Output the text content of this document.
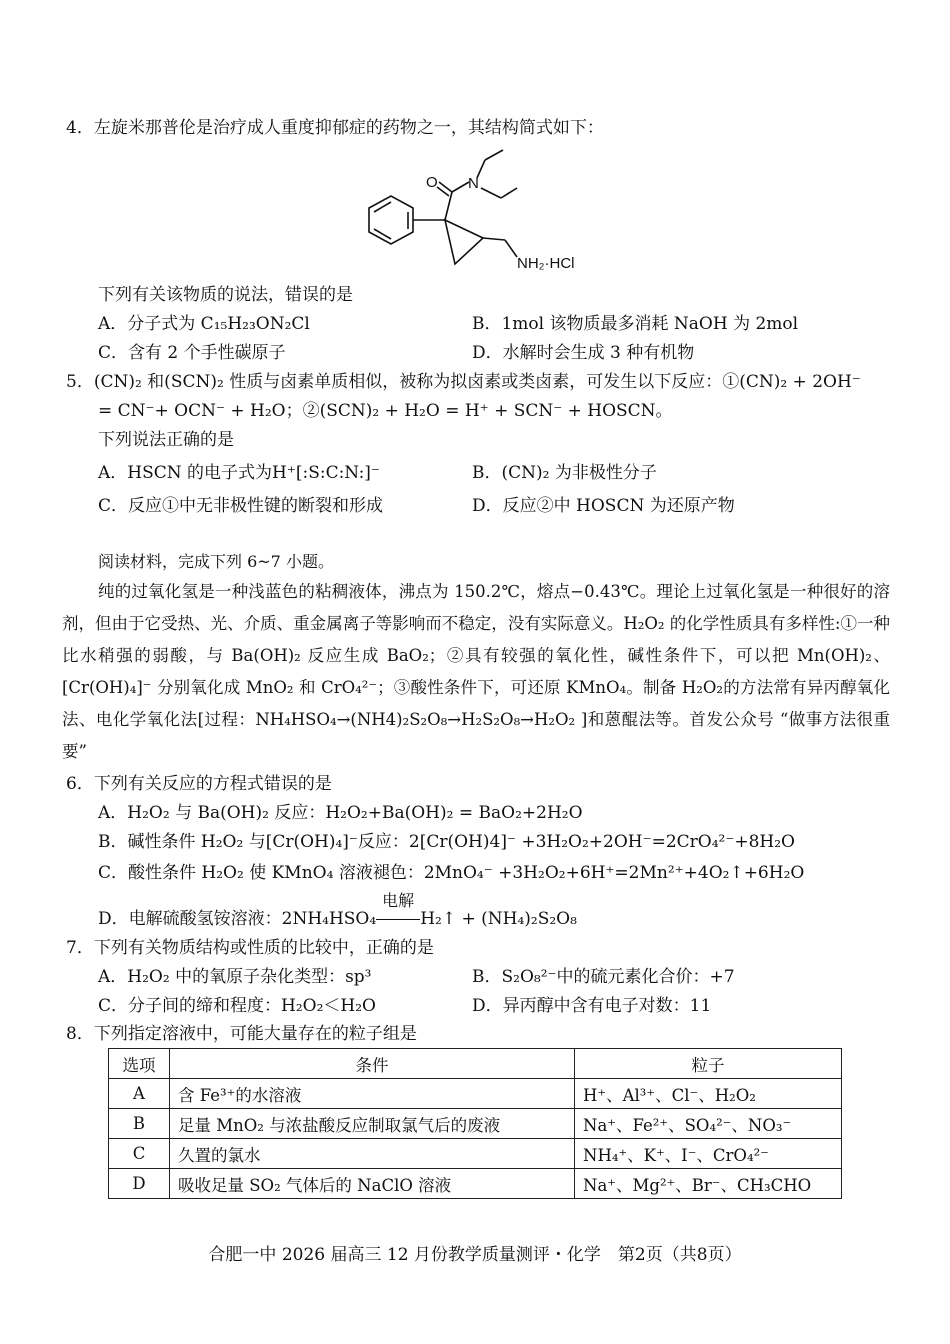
4．左旋米那普伦是治疗成人重度抑郁症的药物之一，其结构简式如下：
O N
NH₂·HCl
下列有关该物质的说法，错误的是
A．分子式为 C₁₅H₂₃ON₂Cl	B．1mol 该物质最多消耗 NaOH 为 2mol
C．含有 2 个手性碳原子	D．水解时会生成 3 种有机物
5．(CN)₂ 和(SCN)₂ 性质与卤素单质相似，被称为拟卤素或类卤素，可发生以下反应：①(CN)₂ + 2OH⁻
= CN⁻+ OCN⁻ + H₂O；②(SCN)₂ + H₂O = H⁺ + SCN⁻ + HOSCN。
下列说法正确的是
A．HSCN 的电子式为H⁺[:S:C:N:]⁻	B．(CN)₂ 为非极性分子
C．反应①中无非极性键的断裂和形成	D．反应②中 HOSCN 为还原产物
阅读材料，完成下列 6~7 小题。
纯的过氧化氢是一种浅蓝色的粘稠液体，沸点为 150.2℃，熔点−0.43℃。理论上过氧化氢是一种很好的溶剂，但由于它受热、光、介质、重金属离子等影响而不稳定，没有实际意义。H₂O₂ 的化学性质具有多样性:①一种比水稍强的弱酸，与 Ba(OH)₂ 反应生成 BaO₂；②具有较强的氧化性，碱性条件下，可以把 Mn(OH)₂、[Cr(OH)₄]⁻ 分别氧化成 MnO₂ 和 CrO₄²⁻；③酸性条件下，可还原 KMnO₄。制备 H₂O₂的方法常有异丙醇氧化法、电化学氧化法[过程：NH₄HSO₄→(NH4)₂S₂O₈→H₂S₂O₈→H₂O₂ ]和蒽醌法等。首发公众号 “做事方法很重要”
6．下列有关反应的方程式错误的是
A．H₂O₂ 与 Ba(OH)₂ 反应：H₂O₂+Ba(OH)₂ = BaO₂+2H₂O
B．碱性条件 H₂O₂ 与[Cr(OH)₄]⁻反应：2[Cr(OH)4]⁻ +3H₂O₂+2OH⁻=2CrO₄²⁻+8H₂O
C．酸性条件 H₂O₂ 使 KMnO₄ 溶液褪色：2MnO₄⁻ +3H₂O₂+6H⁺=2Mn²⁺+4O₂↑+6H₂O
D．电解硫酸氢铵溶液：2NH₄HSO₄
电解
H₂↑ + (NH₄)₂S₂O₈
7．下列有关物质结构或性质的比较中，正确的是
A．H₂O₂ 中的氧原子杂化类型：sp³	B．S₂O₈²⁻中的硫元素化合价：+7
C．分子间的缔和程度：H₂O₂＜H₂O	D．异丙醇中含有电子对数：11
8．下列指定溶液中，可能大量存在的粒子组是
选项	条件	粒子
A	含 Fe³⁺的水溶液	H⁺、Al³⁺、Cl⁻、H₂O₂
B	足量 MnO₂ 与浓盐酸反应制取氯气后的废液	Na⁺、Fe²⁺、SO₄²⁻、NO₃⁻
C	久置的氯水	NH₄⁺、K⁺、I⁻、CrO₄²⁻
D	吸收足量 SO₂ 气体后的 NaClO 溶液	Na⁺、Mg²⁺、Br⁻、CH₃CHO
合肥一中 2026 届高三 12 月份教学质量测评・化学　第2页（共8页）
